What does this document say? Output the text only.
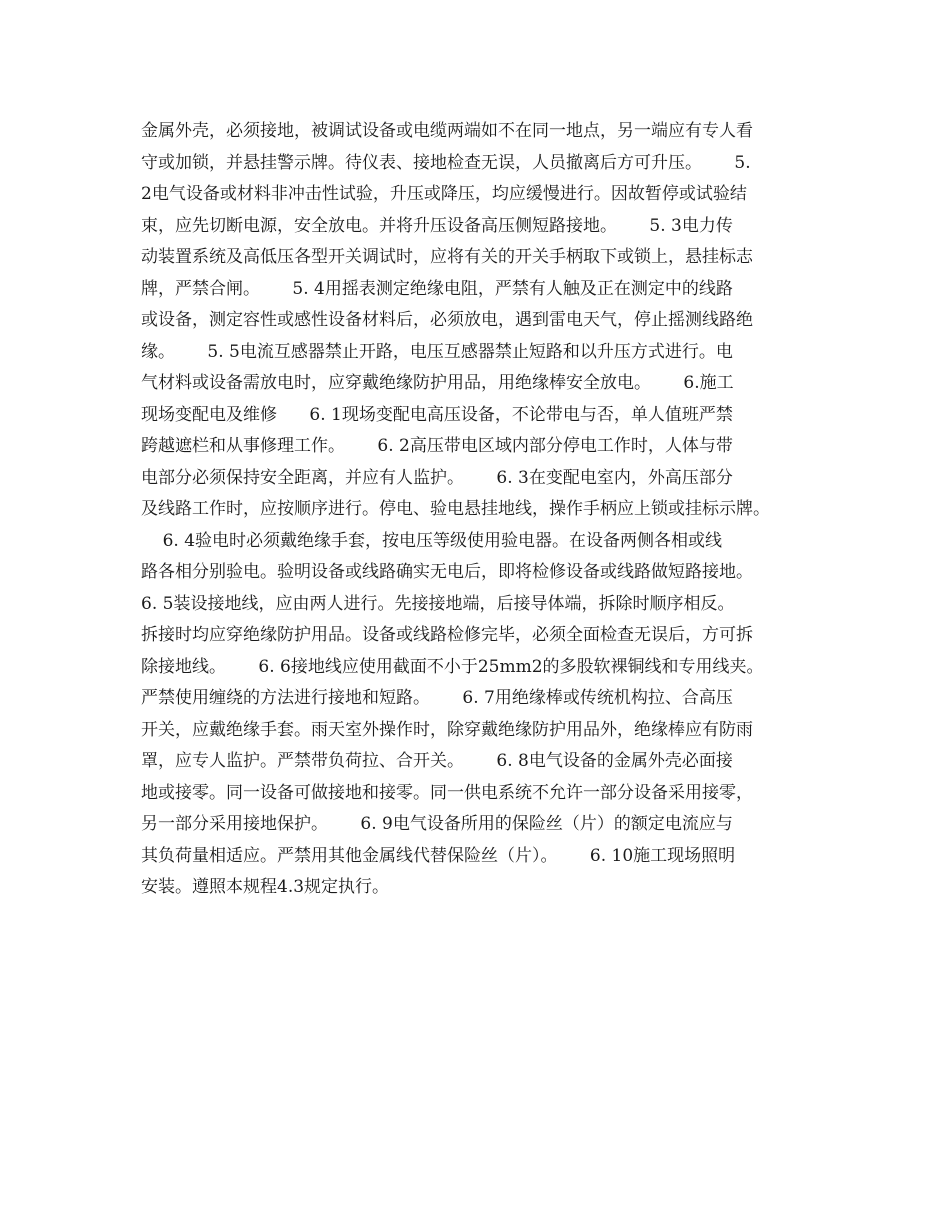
金属外壳，必须接地，被调试设备或电缆两端如不在同一地点，另一端应有专人看
守或加锁，并悬挂警示牌。待仪表、接地检查无误，人员撤离后方可升压。      5.
2电气设备或材料非冲击性试验，升压或降压，均应缓慢进行。因故暂停或试验结
束，应先切断电源，安全放电。并将升压设备高压侧短路接地。      5. 3电力传
动装置系统及高低压各型开关调试时，应将有关的开关手柄取下或锁上，悬挂标志
牌，严禁合闸。      5. 4用摇表测定绝缘电阻，严禁有人触及正在测定中的线路
或设备，测定容性或感性设备材料后，必须放电，遇到雷电天气，停止摇测线路绝
缘。      5. 5电流互感器禁止开路，电压互感器禁止短路和以升压方式进行。电
气材料或设备需放电时，应穿戴绝缘防护用品，用绝缘棒安全放电。      6.施工
现场变配电及维修      6. 1现场变配电高压设备，不论带电与否，单人值班严禁
跨越遮栏和从事修理工作。      6. 2高压带电区域内部分停电工作时，人体与带
电部分必须保持安全距离，并应有人监护。      6. 3在变配电室内，外高压部分
及线路工作时，应按顺序进行。停电、验电悬挂地线，操作手柄应上锁或挂标示牌。
6. 4验电时必须戴绝缘手套，按电压等级使用验电器。在设备两侧各相或线
路各相分别验电。验明设备或线路确实无电后，即将检修设备或线路做短路接地。
6. 5装设接地线，应由两人进行。先接接地端，后接导体端，拆除时顺序相反。
拆接时均应穿绝缘防护用品。设备或线路检修完毕，必须全面检查无误后，方可拆
除接地线。      6. 6接地线应使用截面不小于25mm2的多股软裸铜线和专用线夹。
严禁使用缠绕的方法进行接地和短路。      6. 7用绝缘棒或传统机构拉、合高压
开关，应戴绝缘手套。雨天室外操作时，除穿戴绝缘防护用品外，绝缘棒应有防雨
罩，应专人监护。严禁带负荷拉、合开关。      6. 8电气设备的金属外壳必面接
地或接零。同一设备可做接地和接零。同一供电系统不允许一部分设备采用接零，
另一部分采用接地保护。      6. 9电气设备所用的保险丝（片）的额定电流应与
其负荷量相适应。严禁用其他金属线代替保险丝（片）。      6. 10施工现场照明
安装。遵照本规程4.3规定执行。
